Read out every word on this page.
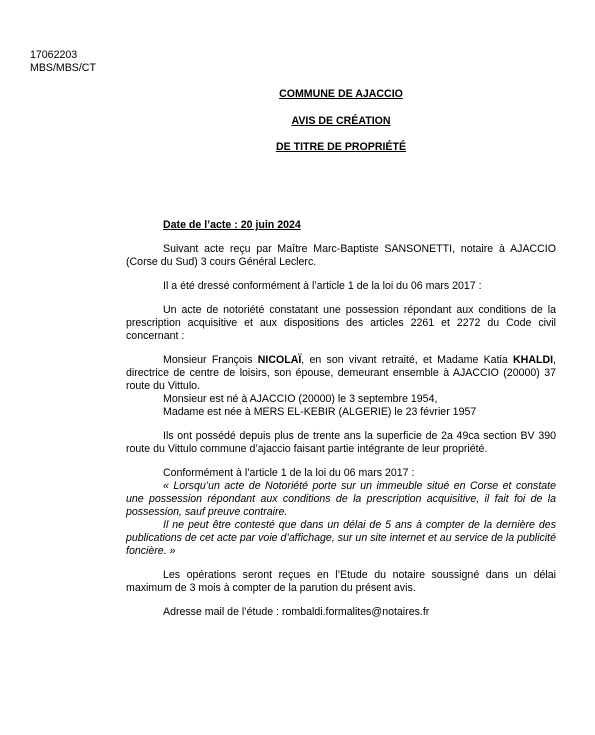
17062203
MBS/MBS/CT
COMMUNE DE AJACCIO
AVIS DE CRÉATION
DE TITRE DE PROPRIÉTÉ
Date de l’acte : 20 juin 2024

Suivant acte reçu par Maître Marc-Baptiste SANSONETTI, notaire à AJACCIO (Corse du Sud) 3 cours Général Leclerc.

Il a été dressé conformément à l’article 1 de la loi du 06 mars 2017 :

Un acte de notoriété constatant une possession répondant aux conditions de la prescription acquisitive et aux dispositions des articles 2261 et 2272 du Code civil concernant :

Monsieur François NICOLAÏ, en son vivant retraité, et Madame Katia KHALDI, directrice de centre de loisirs, son épouse, demeurant ensemble à AJACCIO (20000) 37 route du Vittulo.

Monsieur est né à AJACCIO (20000) le 3 septembre 1954,
Madame est née à MERS EL-KEBIR (ALGERIE) le 23 février 1957

Ils ont possédé depuis plus de trente ans la superficie de 2a 49ca section BV 390 route du Vittulo commune d’ajaccio faisant partie intégrante de leur propriété.

Conformément à l’article 1 de la loi du 06 mars 2017 :

« Lorsqu’un acte de Notoriété porte sur un immeuble situé en Corse et constate une possession répondant aux conditions de la prescription acquisitive, il fait foi de la possession, sauf preuve contraire.

Il ne peut être contesté que dans un délai de 5 ans à compter de la dernière des publications de cet acte par voie d’affichage, sur un site internet et au service de la publicité foncière. »

Les opérations seront reçues en l’Etude du notaire soussigné dans un délai maximum de 3 mois à compter de la parution du présent avis.

Adresse mail de l’étude : rombaldi.formalites@notaires.fr
